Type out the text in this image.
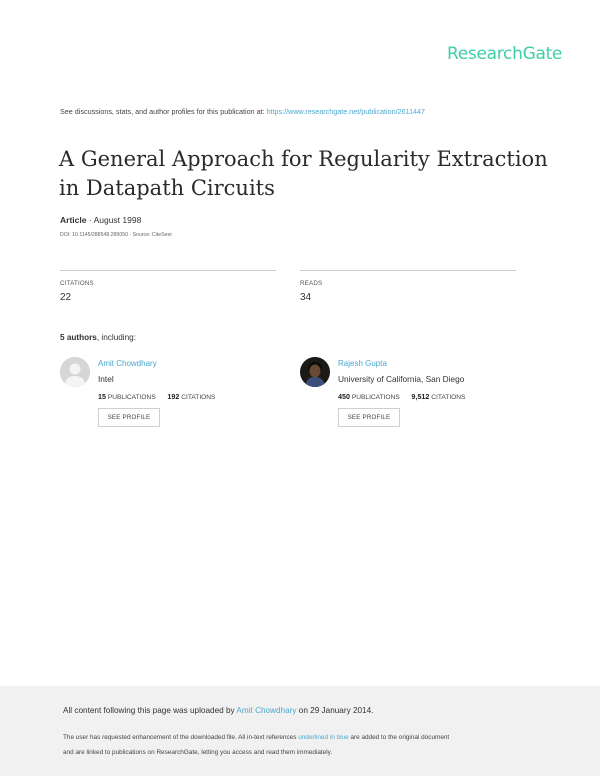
ResearchGate
See discussions, stats, and author profiles for this publication at: https://www.researchgate.net/publication/2611447
A General Approach for Regularity Extraction in Datapath Circuits
Article · August 1998
DOI: 10.1145/288548.289050 · Source: CiteSeer
CITATIONS
22
READS
34
5 authors, including:
Amit Chowdhary
Intel
15 PUBLICATIONS 192 CITATIONS
SEE PROFILE
Rajesh Gupta
University of California, San Diego
450 PUBLICATIONS 9,512 CITATIONS
SEE PROFILE
All content following this page was uploaded by Amit Chowdhary on 29 January 2014.
The user has requested enhancement of the downloaded file. All in-text references underlined in blue are added to the original document
and are linked to publications on ResearchGate, letting you access and read them immediately.
